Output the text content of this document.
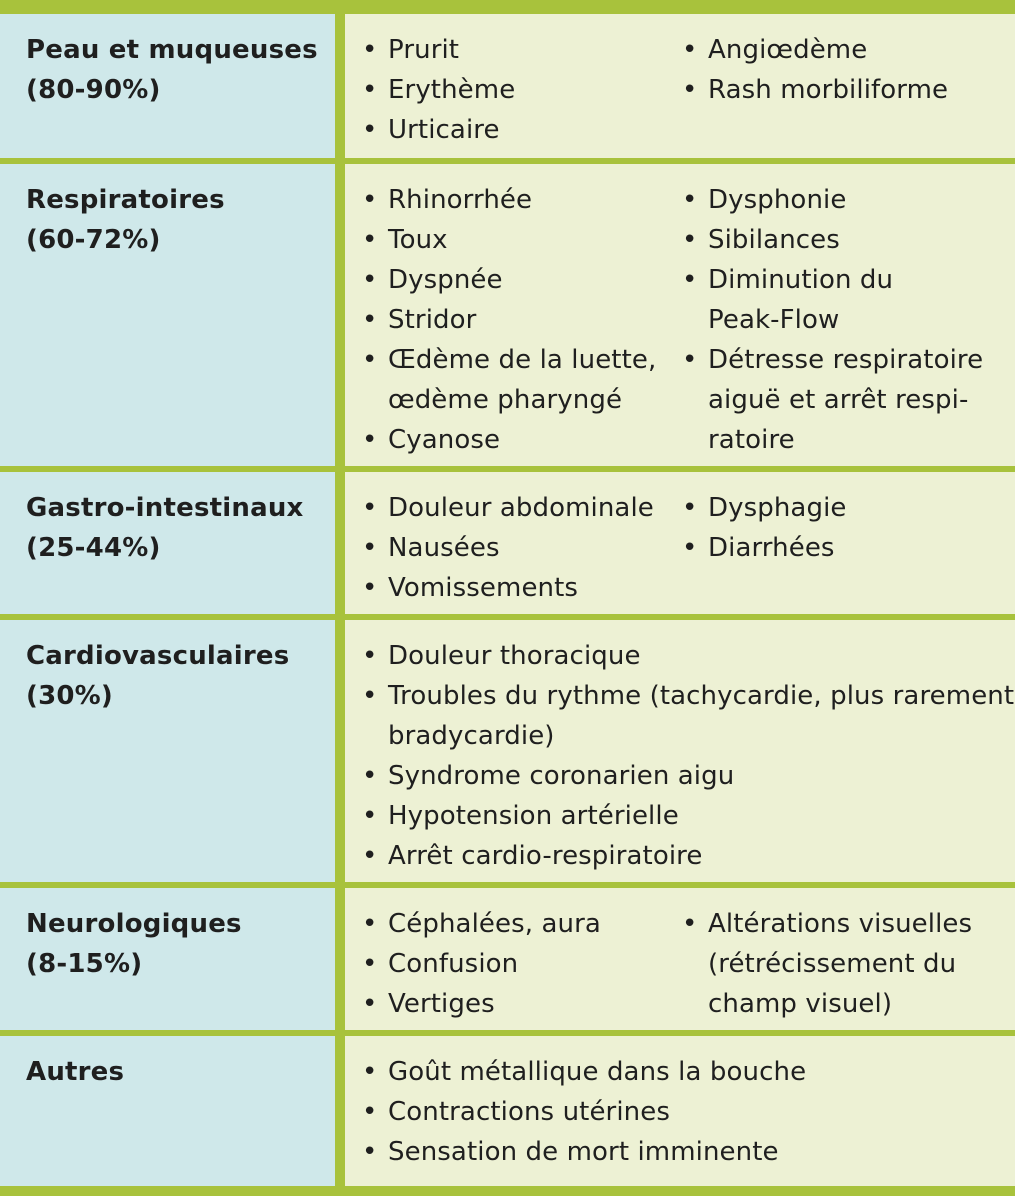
Peau et muqueuses
(80-90%)
• Prurit
• Erythème
• Urticaire
• Angiœdème
• Rash morbiliforme
Respiratoires
(60-72%)
• Rhinorrhée
• Toux
• Dyspnée
• Stridor
• Œdème de la luette,
œdème pharyngé
• Cyanose
• Dysphonie
• Sibilances
• Diminution du
Peak-Flow
• Détresse respiratoire
aiguë et arrêt respi-
ratoire
Gastro-intestinaux
(25-44%)
• Douleur abdominale
• Nausées
• Vomissements
• Dysphagie
• Diarrhées
Cardiovasculaires
(30%)
• Douleur thoracique
• Troubles du rythme (tachycardie, plus rarement
bradycardie)
• Syndrome coronarien aigu
• Hypotension artérielle
• Arrêt cardio-respiratoire
Neurologiques
(8-15%)
• Céphalées, aura
• Confusion
• Vertiges
• Altérations visuelles
(rétrécissement du
champ visuel)
Autres	• Goût métallique dans la bouche
• Contractions utérines
• Sensation de mort imminente
